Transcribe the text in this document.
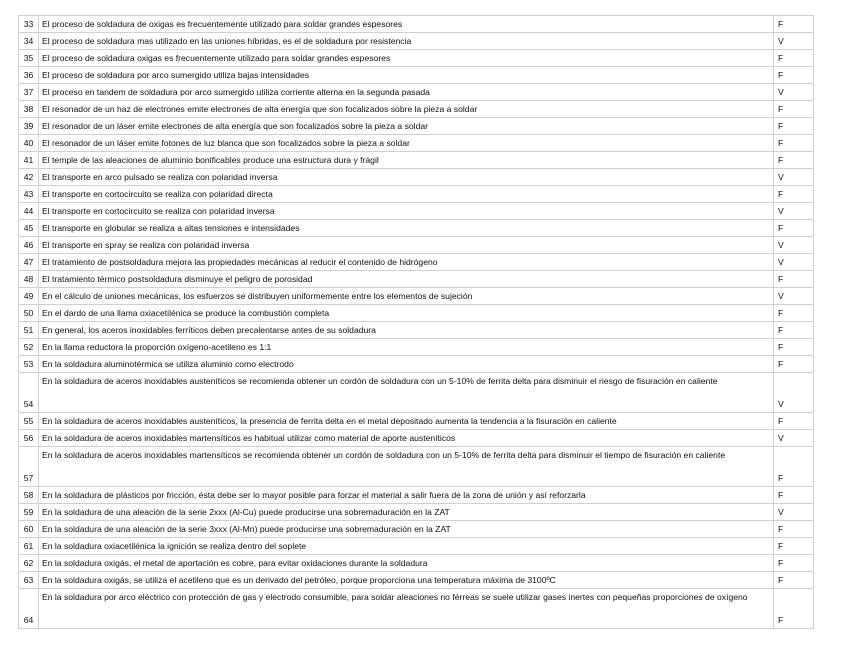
33	El proceso de soldadura de oxigas es frecuentemente utilizado para soldar grandes espesores	F
34	El proceso de soldadura mas utilizado en las uniones híbridas, es el de soldadura por resistencia	V
35	El proceso de soldadura oxigas es frecuentemente utilizado para soldar grandes espesores	F
36	El proceso de soldadura por arco sumergido utiliza bajas intensidades	F
37	El proceso en tandem de soldadura por arco sumergido utiliza corriente alterna en la segunda pasada	V
38	El resonador de un haz de electrones emite electrones de alta energía que son focalizados sobre la pieza a soldar	F
39	El resonador de un láser emite electrones de alta energía que son focalizados sobre la pieza a soldar	F
40	El resonador de un láser emite fotones de luz blanca que son focalizados sobre la pieza a soldar	F
41	El temple de las aleaciones de aluminio bonificables produce una estructura dura y frágil	F
42	El transporte en arco pulsado se realiza con polaridad inversa	V
43	El transporte en cortocircuito se realiza con polaridad directa	F
44	El transporte en cortocircuito se realiza con polaridad inversa	V
45	El transporte en globular se realiza a altas tensiones e intensidades	F
46	El transporte en spray se realiza con polaridad inversa	V
47	El tratamiento de postsoldadura mejora las propiedades mecánicas al reducir el contenido de hidrógeno	V
48	El tratamiento térmico postsoldadura disminuye el peligro de porosidad	F
49	En el cálculo de uniones mecánicas, los esfuerzos se distribuyen uniformemente entre los elementos de sujeción	V
50	En el dardo de una llama oxiacetilénica se produce la combustión completa	F
51	En general, los aceros inoxidables ferríticos deben precalentarse antes de su soldadura	F
52	En la llama reductora la proporción oxígeno-acetileno es 1:1	F
53	En la soldadura aluminotérmica se utiliza aluminio como electrodo	F
54	En la soldadura de aceros inoxidables austeníticos se recomienda obtener un cordón de soldadura con un 5-10% de ferrita delta para disminuir el riesgo de fisuración en caliente	V
55	En la soldadura de aceros inoxidables austeníticos, la presencia de ferrita delta en el metal depositado aumenta la tendencia a la fisuración en caliente	F
56	En la soldadura de aceros inoxidables martensíticos es habitual utilizar como material de aporte austeníticos	V
57	En la soldadura de aceros inoxidables martensíticos se recomienda obtener un cordón de soldadura con un 5-10% de ferrita delta para disminuir el tiempo de fisuración en caliente	F
58	En la soldadura de plásticos por fricción, ésta debe ser lo mayor posible para forzar el material a salir fuera de la zona de unión y así reforzarla	F
59	En la soldadura de una aleación de la serie 2xxx (Al-Cu) puede producirse una sobremaduración en la ZAT	V
60	En la soldadura de una aleación de la serie 3xxx (Al-Mn) puede producirse una sobremaduración en la ZAT	F
61	En la soldadura oxiacetilénica la ignición se realiza dentro del soplete	F
62	En la soldadura oxigás, el metal de aportación es cobre, para evitar oxidaciones durante la soldadura	F
63	En la soldadura oxigás, se utiliza el acetileno que es un derivado del petróleo, porque proporciona una temperatura máxima de 3100ºC	F
64	En la soldadura por arco eléctrico con protección de gas y electrodo consumible, para soldar aleaciones no férreas se suele utilizar gases inertes con pequeñas proporciones de oxígeno	F
